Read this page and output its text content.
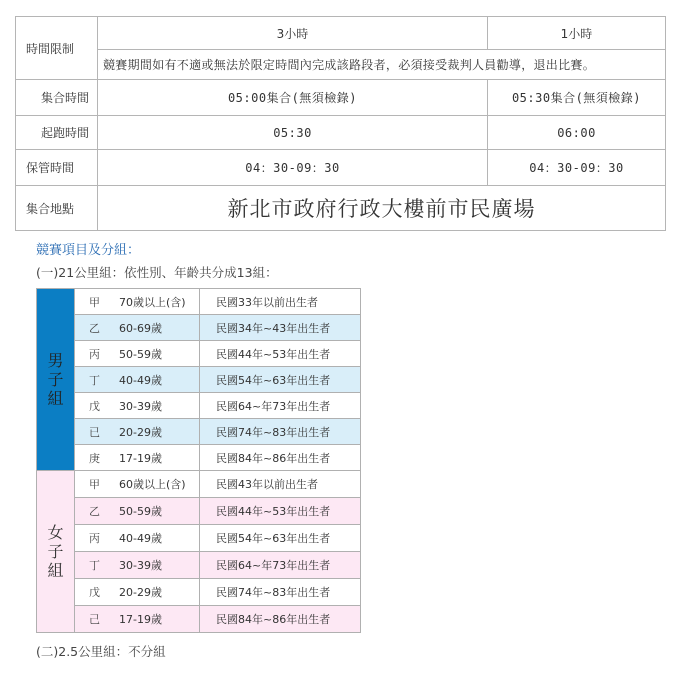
時間限制	3小時	1小時
	競賽期間如有不適或無法於限定時間內完成該路段者，必須接受裁判人員勸導，退出比賽。	
集合時間	05:00集合(無須檢錄)	05:30集合(無須檢錄)
起跑時間	05:30	06:00
保管時間	04：30-09：30	04：30-09：30
集合地點	新北市政府行政大樓前市民廣場	
競賽項目及分組：
(一)21公里組：依性別、年齡共分成13組：
男
子
組	甲 70歲以上(含)	民國33年以前出生者
	乙 60-69歲	民國34年~43年出生者
	丙 50-59歲	民國44年~53年出生者
	丁 40-49歲	民國54年~63年出生者
	戊 30-39歲	民國64~年73年出生者
	已 20-29歲	民國74年~83年出生者
	庚 17-19歲	民國84年~86年出生者

女
子
組	甲 60歲以上(含)	民國43年以前出生者
	乙 50-59歲	民國44年~53年出生者
	丙 40-49歲	民國54年~63年出生者
	丁 30-39歲	民國64~年73年出生者
	戊 20-29歲	民國74年~83年出生者
	己 17-19歲	民國84年~86年出生者
(二)2.5公里組：不分組
